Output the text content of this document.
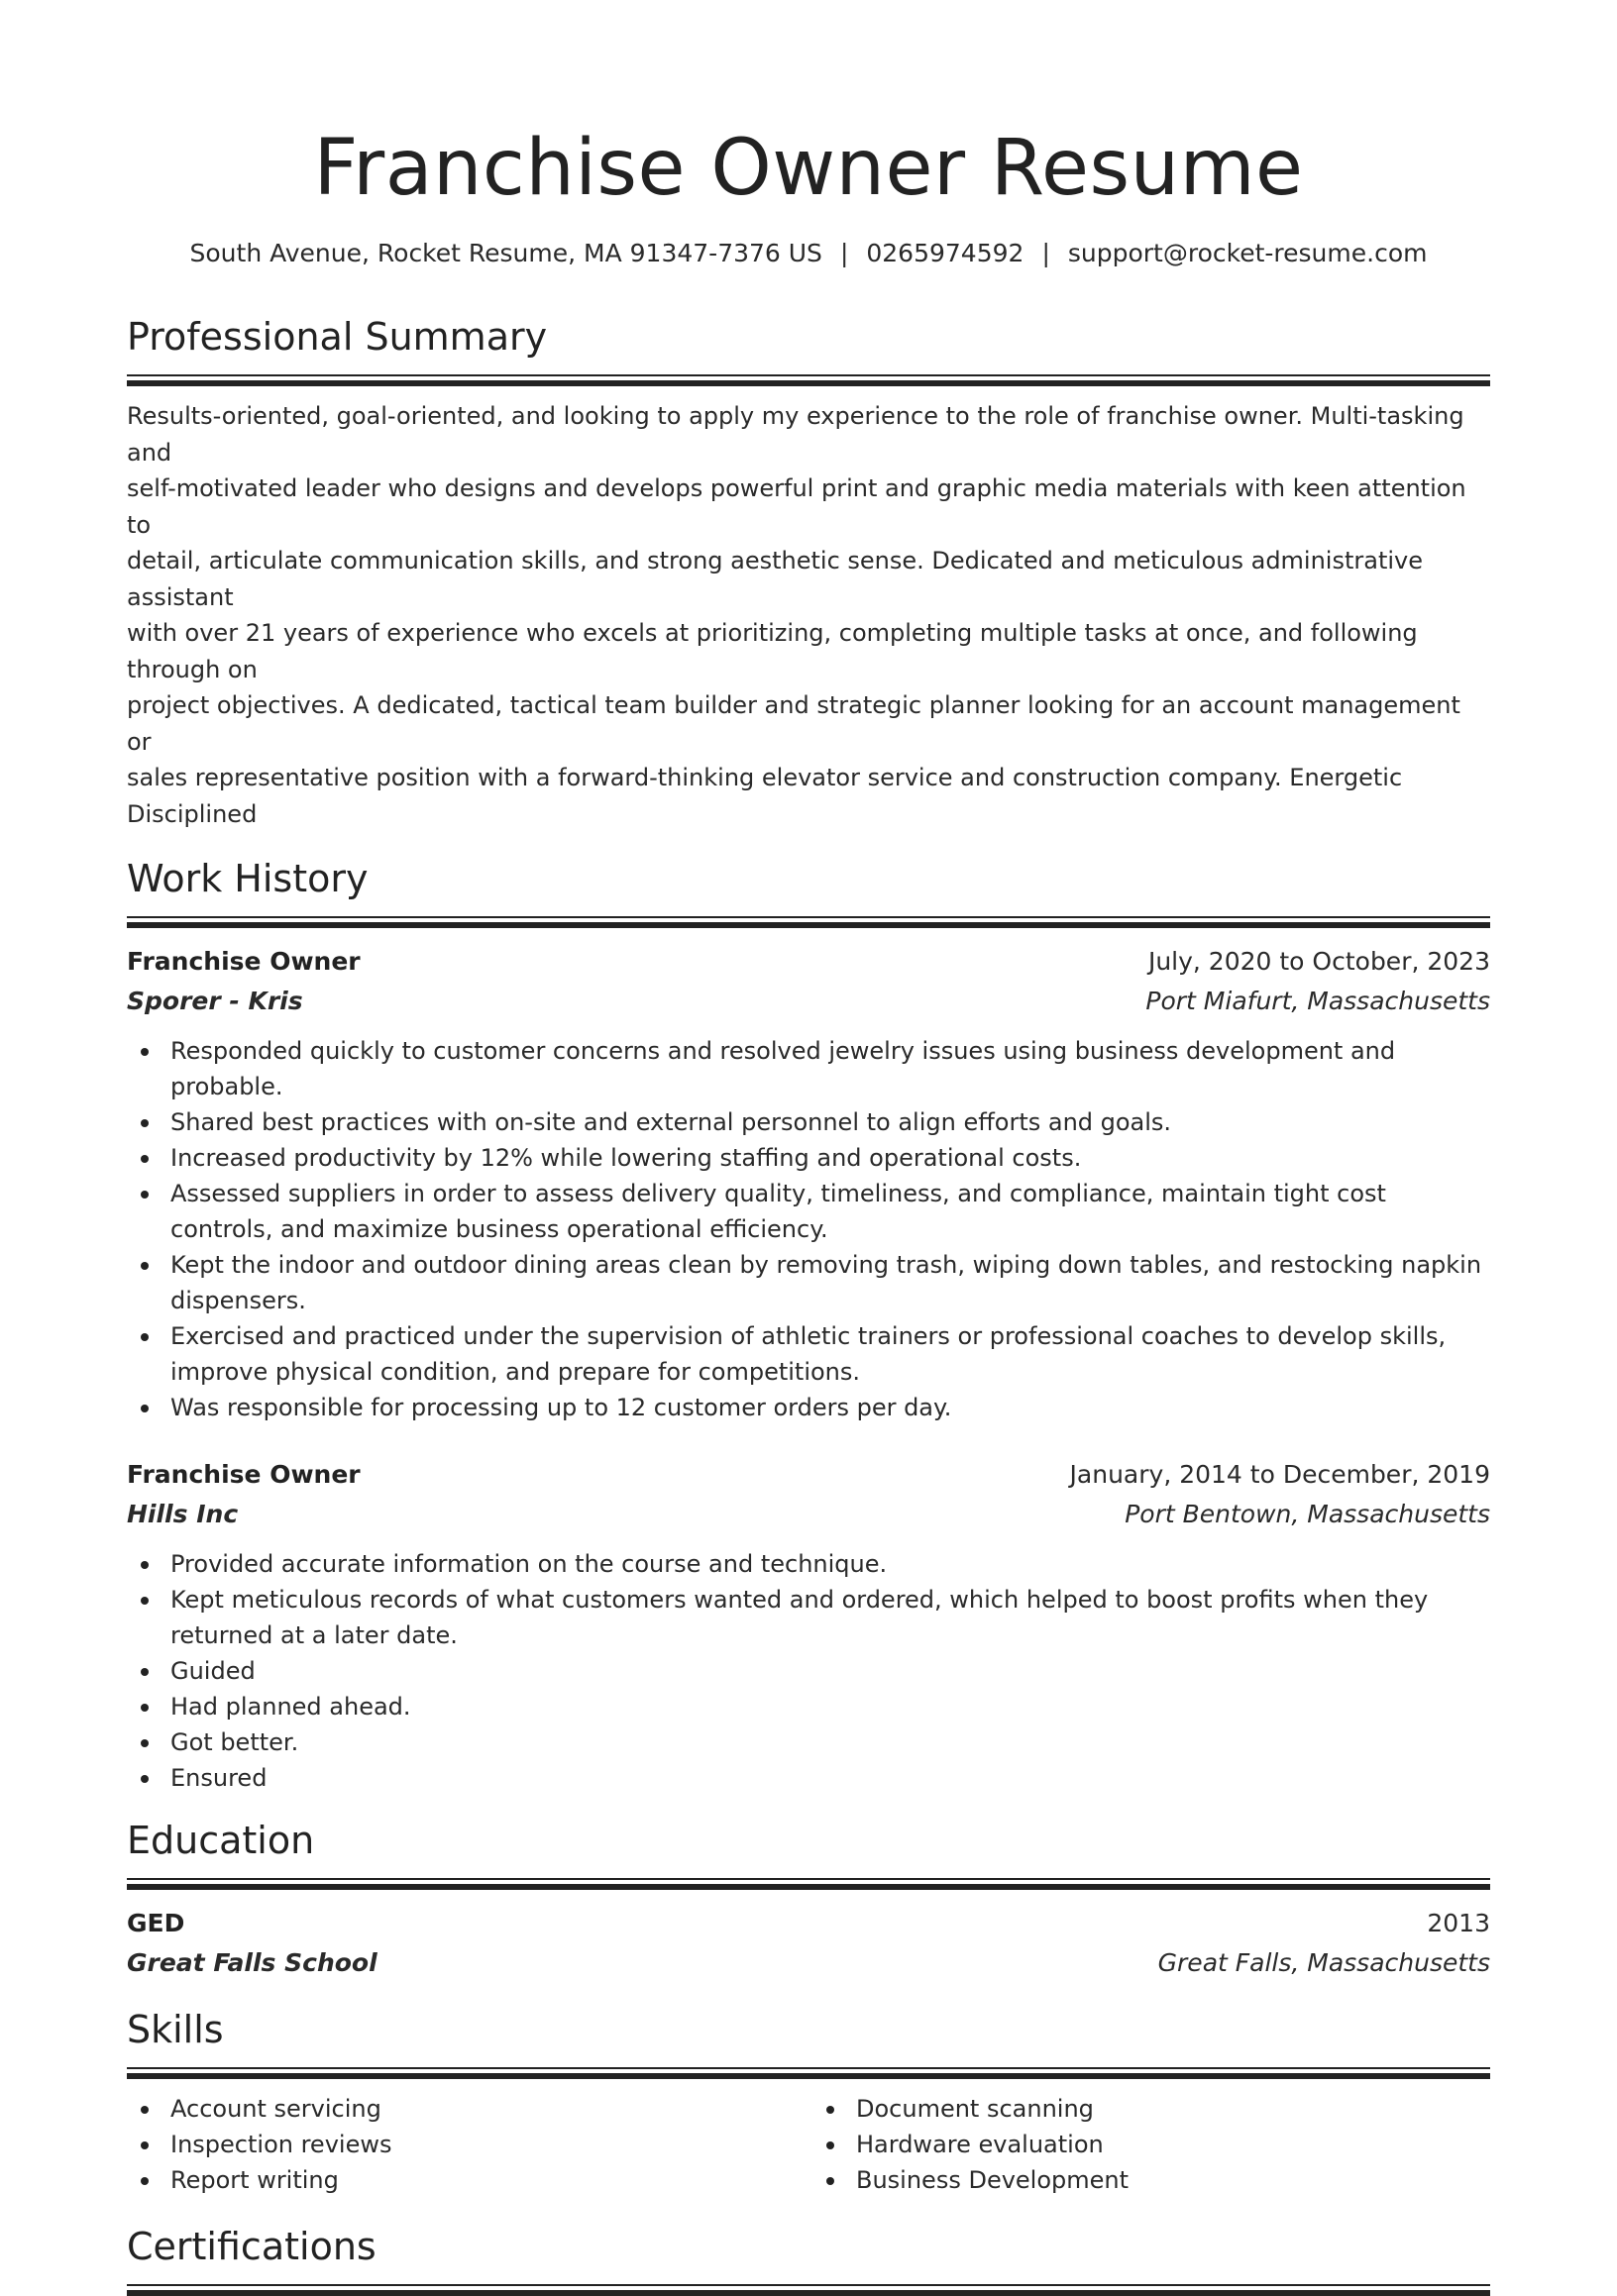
Franchise Owner Resume
South Avenue, Rocket Resume, MA 91347-7376 US | 0265974592 | support@rocket-resume.com
Professional Summary
Results-oriented, goal-oriented, and looking to apply my experience to the role of franchise owner. Multi-tasking and
self-motivated leader who designs and develops powerful print and graphic media materials with keen attention to
detail, articulate communication skills, and strong aesthetic sense. Dedicated and meticulous administrative assistant
with over 21 years of experience who excels at prioritizing, completing multiple tasks at once, and following through on
project objectives. A dedicated, tactical team builder and strategic planner looking for an account management or
sales representative position with a forward-thinking elevator service and construction company. Energetic Disciplined
Work History
Franchise Owner	July, 2020 to October, 2023
Sporer - Kris	Port Miafurt, Massachusetts
Responded quickly to customer concerns and resolved jewelry issues using business development and probable.
Shared best practices with on-site and external personnel to align efforts and goals.
Increased productivity by 12% while lowering staffing and operational costs.
Assessed suppliers in order to assess delivery quality, timeliness, and compliance, maintain tight cost controls, and maximize business operational efficiency.
Kept the indoor and outdoor dining areas clean by removing trash, wiping down tables, and restocking napkin dispensers.
Exercised and practiced under the supervision of athletic trainers or professional coaches to develop skills, improve physical condition, and prepare for competitions.
Was responsible for processing up to 12 customer orders per day.
Franchise Owner	January, 2014 to December, 2019
Hills Inc	Port Bentown, Massachusetts
Provided accurate information on the course and technique.
Kept meticulous records of what customers wanted and ordered, which helped to boost profits when they returned at a later date.
Guided
Had planned ahead.
Got better.
Ensured
Education
GED	2013
Great Falls School	Great Falls, Massachusetts
Skills
Account servicing
Inspection reviews
Report writing
Document scanning
Hardware evaluation
Business Development
Certifications
